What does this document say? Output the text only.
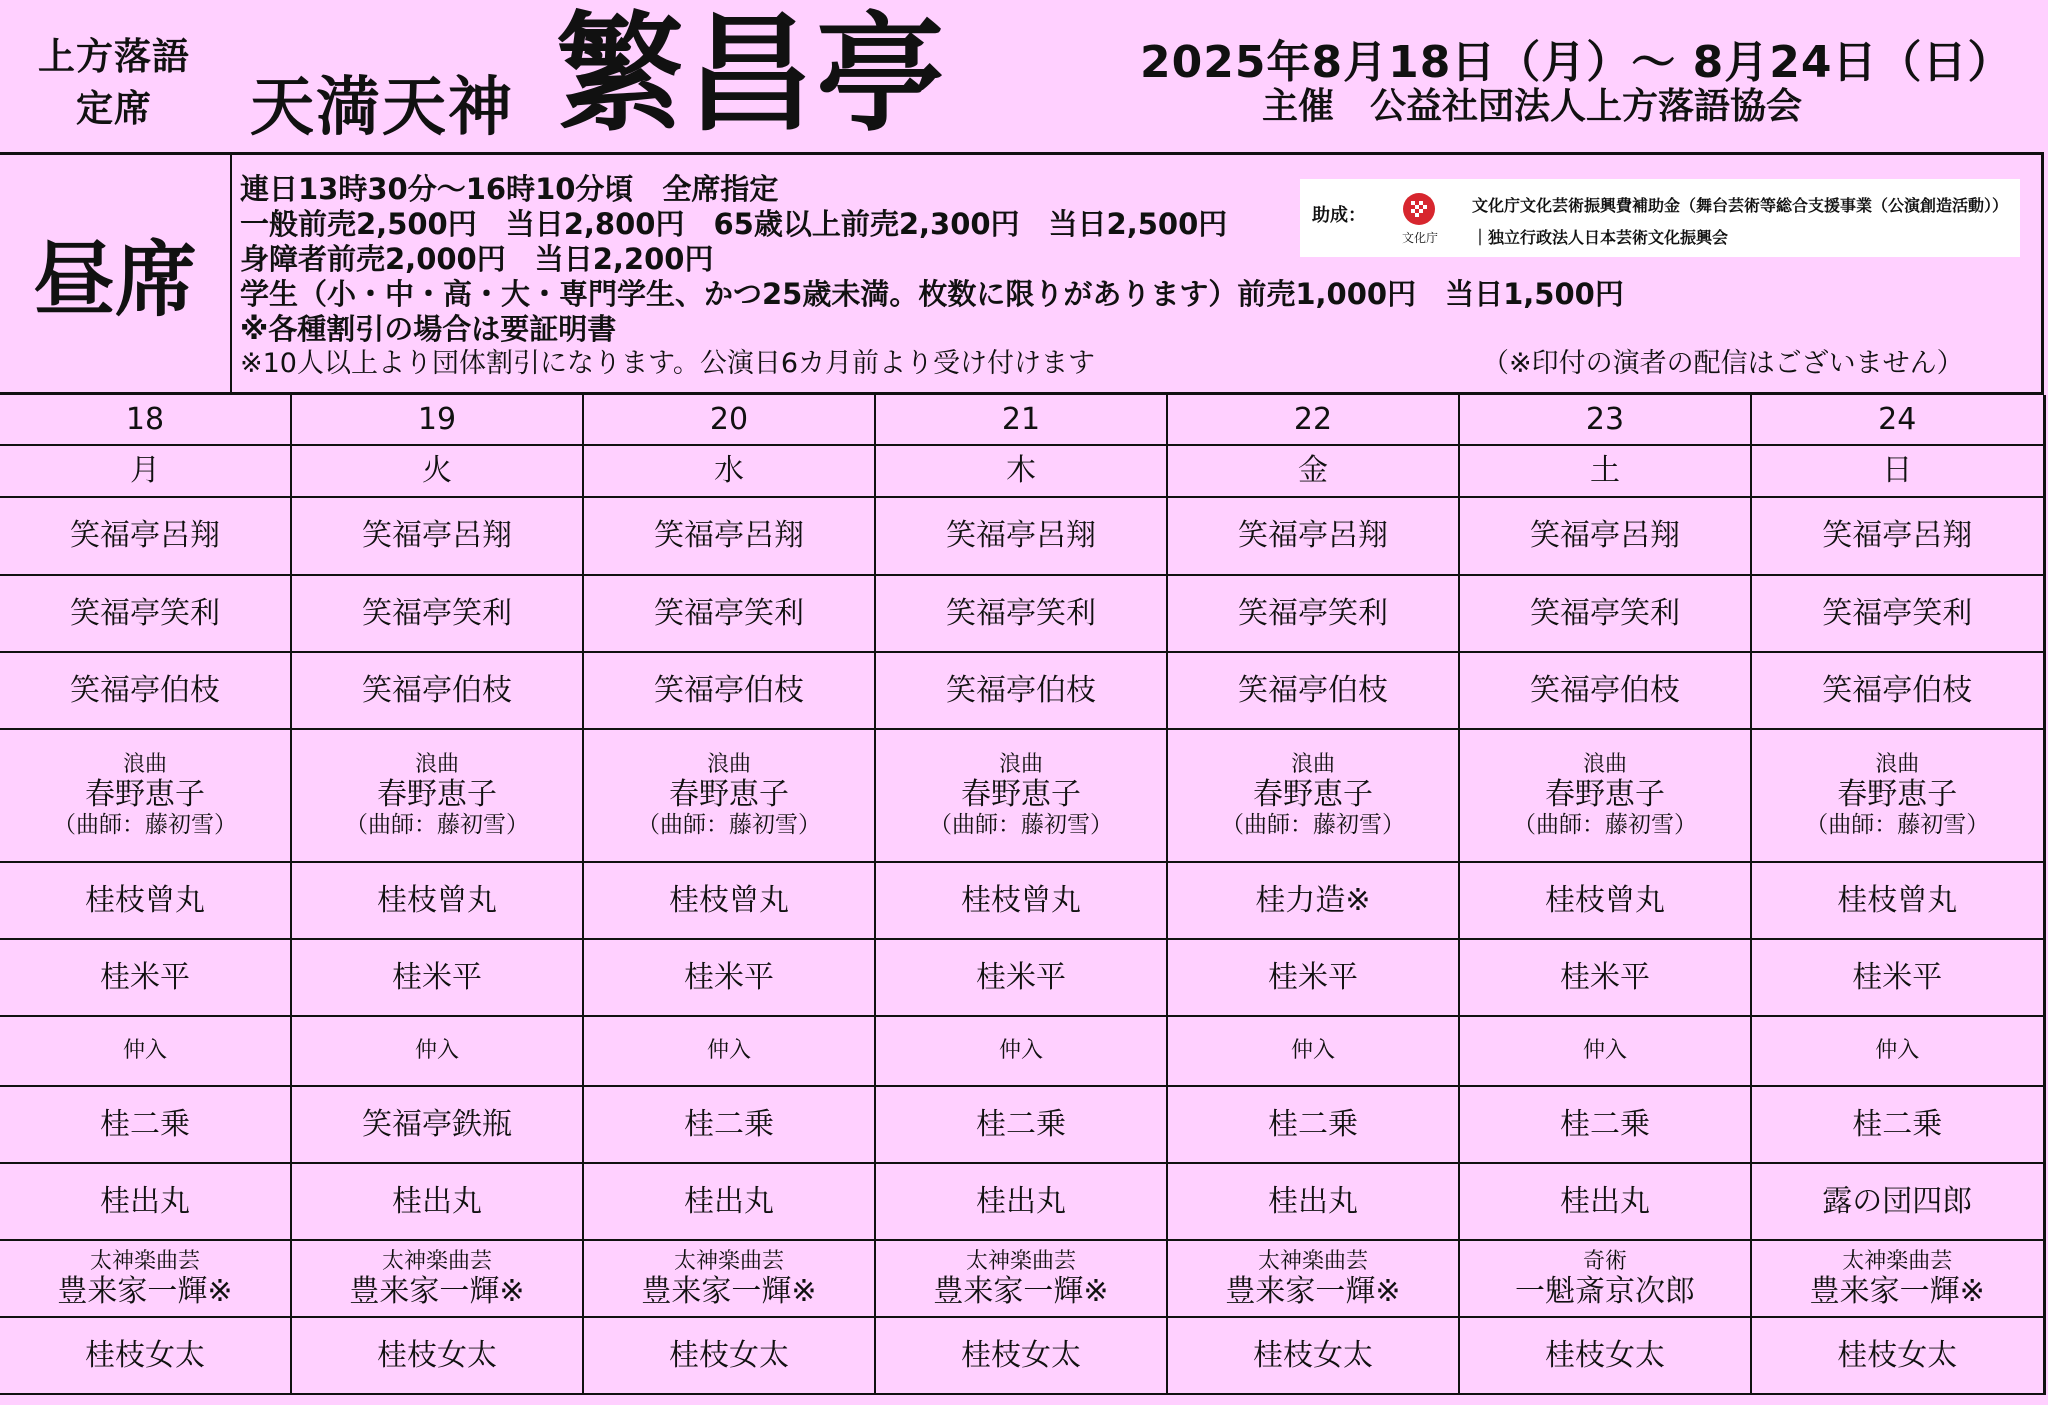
上方落語
定席	天満天神 繁昌亭	2025年8月18日（月）～ 8月24日（日）
主催　公益社団法人上方落語協会
昼席
連日13時30分～16時10分頃　全席指定
一般前売2,500円　当日2,800円　65歳以上前売2,300円　当日2,500円
身障者前売2,000円　当日2,200円
学生（小・中・高・大・専門学生、かつ25歳未満。枚数に限りがあります）前売1,000円　当日1,500円
※各種割引の場合は要証明書
※10人以上より団体割引になります。公演日6カ月前より受け付けます	（※印付の演者の配信はございません）
助成：
文化庁
文化庁文化芸術振興費補助金（舞台芸術等総合支援事業（公演創造活動））
｜独立行政法人日本芸術文化振興会
18	19	20	21	22	23	24
月	火	水	木	金	土	日

笑福亭呂翔	笑福亭呂翔	笑福亭呂翔	笑福亭呂翔	笑福亭呂翔	笑福亭呂翔	笑福亭呂翔

笑福亭笑利	笑福亭笑利	笑福亭笑利	笑福亭笑利	笑福亭笑利	笑福亭笑利	笑福亭笑利

笑福亭伯枝	笑福亭伯枝	笑福亭伯枝	笑福亭伯枝	笑福亭伯枝	笑福亭伯枝	笑福亭伯枝

浪曲
春野恵子
（曲師：藤初雪）	浪曲
春野恵子
（曲師：藤初雪）	浪曲
春野恵子
（曲師：藤初雪）	浪曲
春野恵子
（曲師：藤初雪）	浪曲
春野恵子
（曲師：藤初雪）	浪曲
春野恵子
（曲師：藤初雪）	浪曲
春野恵子
（曲師：藤初雪）

桂枝曾丸	桂枝曾丸	桂枝曾丸	桂枝曾丸	桂力造※	桂枝曾丸	桂枝曾丸

桂米平	桂米平	桂米平	桂米平	桂米平	桂米平	桂米平

仲入	仲入	仲入	仲入	仲入	仲入	仲入

桂二乗	笑福亭鉄瓶	桂二乗	桂二乗	桂二乗	桂二乗	桂二乗

桂出丸	桂出丸	桂出丸	桂出丸	桂出丸	桂出丸	露の団四郎

太神楽曲芸
豊来家一輝※	太神楽曲芸
豊来家一輝※	太神楽曲芸
豊来家一輝※	太神楽曲芸
豊来家一輝※	太神楽曲芸
豊来家一輝※	奇術
一魁斎京次郎	太神楽曲芸
豊来家一輝※

桂枝女太	桂枝女太	桂枝女太	桂枝女太	桂枝女太	桂枝女太	桂枝女太
